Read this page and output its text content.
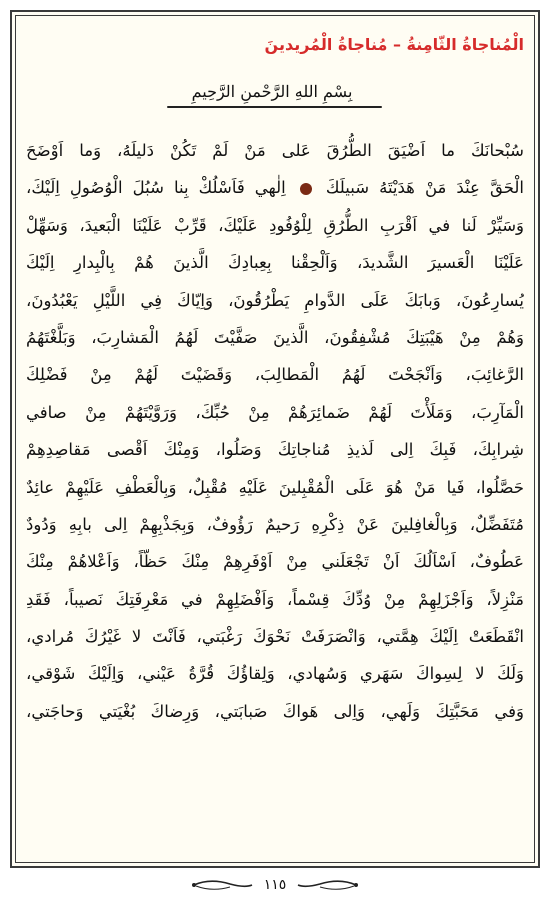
الْمُناجاةُ الثّامِنةُ – مُناجاةُ الْمُريدينَ
بِسْمِ اللهِ الرَّحْمنِ الرَّحِيمِ
سُبْحانَكَ ما اَضْيَقَ الطُّرُقَ عَلى مَنْ لَمْ تَكُنْ دَليلَهُ، وَما اَوْضَحَ
الْحَقَّ عِنْدَ مَنْ هَدَيْتَهُ سَبيلَكَ  اِلٰهي فَاَسْلُكْ بِنا سُبُلَ الْوُصُولِ اِلَيْكَ،
وَسَيِّرْ لَنا في اَقْرَبِ الطُّرُقِ لِلْوُفُودِ عَلَيْكَ، قَرِّبْ عَلَيْنَا الْبَعيدَ، وَسَهِّلْ
عَلَيْنَا الْعَسيرَ الشَّديدَ، وَاَلْحِقْنا بِعِبادِكَ الَّذينَ هُمْ بِالْبِدارِ اِلَيْكَ
يُسارِعُونَ، وَبابَكَ عَلَى الدَّوامِ يَطْرُقُونَ، وَاِيّاكَ فِي اللَّيْلِ يَعْبُدُونَ،
وَهُمْ مِنْ هَيْبَتِكَ مُشْفِقُونَ، الَّذينَ صَفَّيْتَ لَهُمُ الْمَشارِبَ، وَبَلَّغْتَهُمُ
الرَّغائِبَ، وَاَنْجَحْتَ لَهُمُ الْمَطالِبَ، وَقَضَيْتَ لَهُمْ مِنْ فَضْلِكَ
الْمَآرِبَ، وَمَلَأْتَ لَهُمْ ضَمائِرَهُمْ مِنْ حُبِّكَ، وَرَوَّيْتَهُمْ مِنْ صافي
شِرابِكَ، فَبِكَ اِلى لَذيذِ مُناجاتِكَ وَصَلُوا، وَمِنْكَ اَقْصى مَقاصِدِهِمْ
حَصَّلُوا، فَيا مَنْ هُوَ عَلَى الْمُقْبِلينَ عَلَيْهِ مُقْبِلٌ، وَبِالْعَطْفِ عَلَيْهِمْ عائِدٌ
مُتَفَضِّلٌ، وَبِالْغافِلينَ عَنْ ذِكْرِهِ رَحيمٌ رَؤُوفٌ، وَبِجَذْبِهِمْ اِلى بابِهِ وَدُودٌ
عَطُوفٌ، اَسْاَلُكَ اَنْ تَجْعَلَني مِنْ اَوْفَرِهِمْ مِنْكَ حَظّاً، وَاَعْلاهُمْ مِنْكَ
مَنْزِلاً، وَاَجْزَلِهِمْ مِنْ وُدِّكَ قِسْماً، وَاَفْضَلِهِمْ في مَعْرِفَتِكَ نَصيباً، فَقَدِ
انْقَطَعَتْ اِلَيْكَ هِمَّتي، وَانْصَرَفَتْ نَحْوَكَ رَغْبَتي، فَاَنْتَ لا غَيْرُكَ مُرادي،
وَلَكَ لا لِسِواكَ سَهَري وَسُهادي، وَلِقاؤُكَ قُرَّةُ عَيْني، وَاِلَيْكَ شَوْقي،
وَفي مَحَبَّتِكَ وَلَهي، وَاِلى هَواكَ صَبابَتي، وَرِضاكَ بُغْيَتي وَحاجَتي،
١١٥
